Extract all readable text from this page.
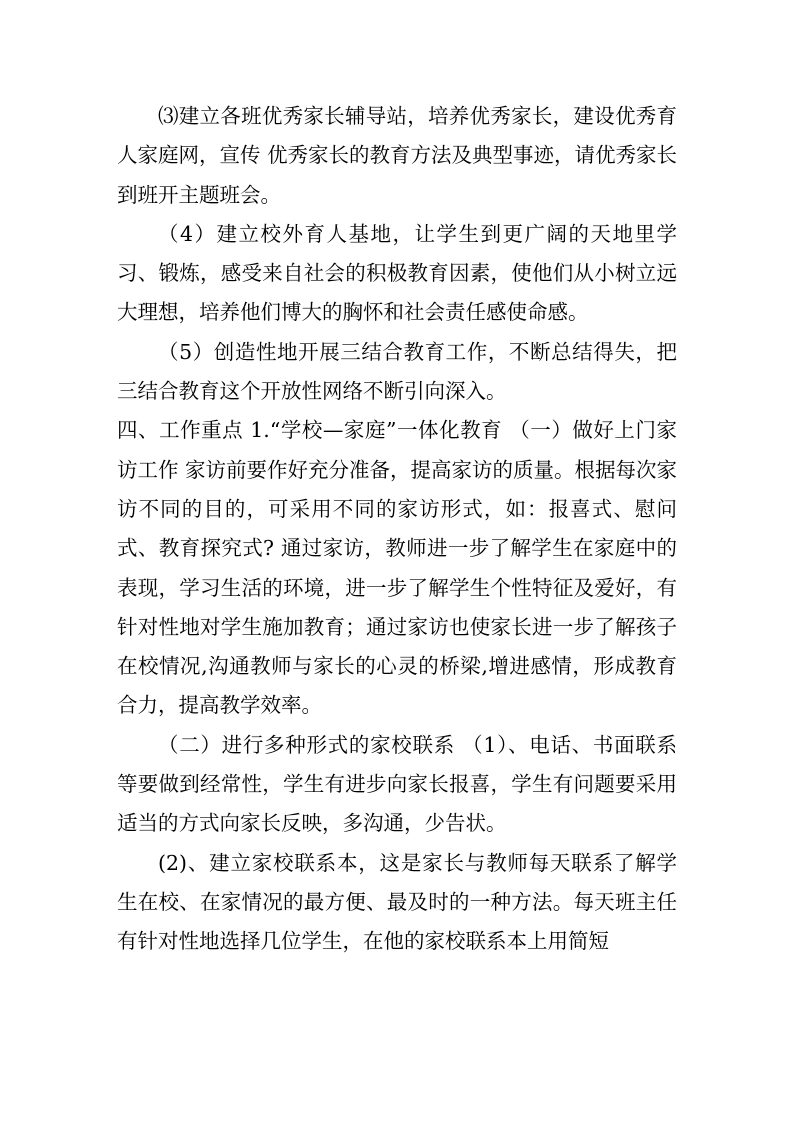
⑶建立各班优秀家长辅导站，培养优秀家长，建设优秀育人家庭网，宣传 优秀家长的教育方法及典型事迹，请优秀家长到班开主题班会。

（4）建立校外育人基地，让学生到更广阔的天地里学习、锻炼，感受来自社会的积极教育因素，使他们从小树立远大理想，培养他们博大的胸怀和社会责任感使命感。

（5）创造性地开展三结合教育工作，不断总结得失，把三结合教育这个开放性网络不断引向深入。

四、工作重点 1.“学校—家庭”一体化教育 （一）做好上门家访工作 家访前要作好充分准备，提高家访的质量。根据每次家访不同的目的，可采用不同的家访形式，如：报喜式、慰问式、教育探究式? 通过家访，教师进一步了解学生在家庭中的表现，学习生活的环境，进一步了解学生个性特征及爱好，有针对性地对学生施加教育；通过家访也使家长进一步了解孩子在校情况,沟通教师与家长的心灵的桥梁,增进感情，形成教育合力，提高教学效率。

（二）进行多种形式的家校联系 （1）、电话、书面联系等要做到经常性，学生有进步向家长报喜，学生有问题要采用适当的方式向家长反映，多沟通，少告状。

(2)、建立家校联系本，这是家长与教师每天联系了解学生在校、在家情况的最方便、最及时的一种方法。每天班主任有针对性地选择几位学生，在他的家校联系本上用简短
